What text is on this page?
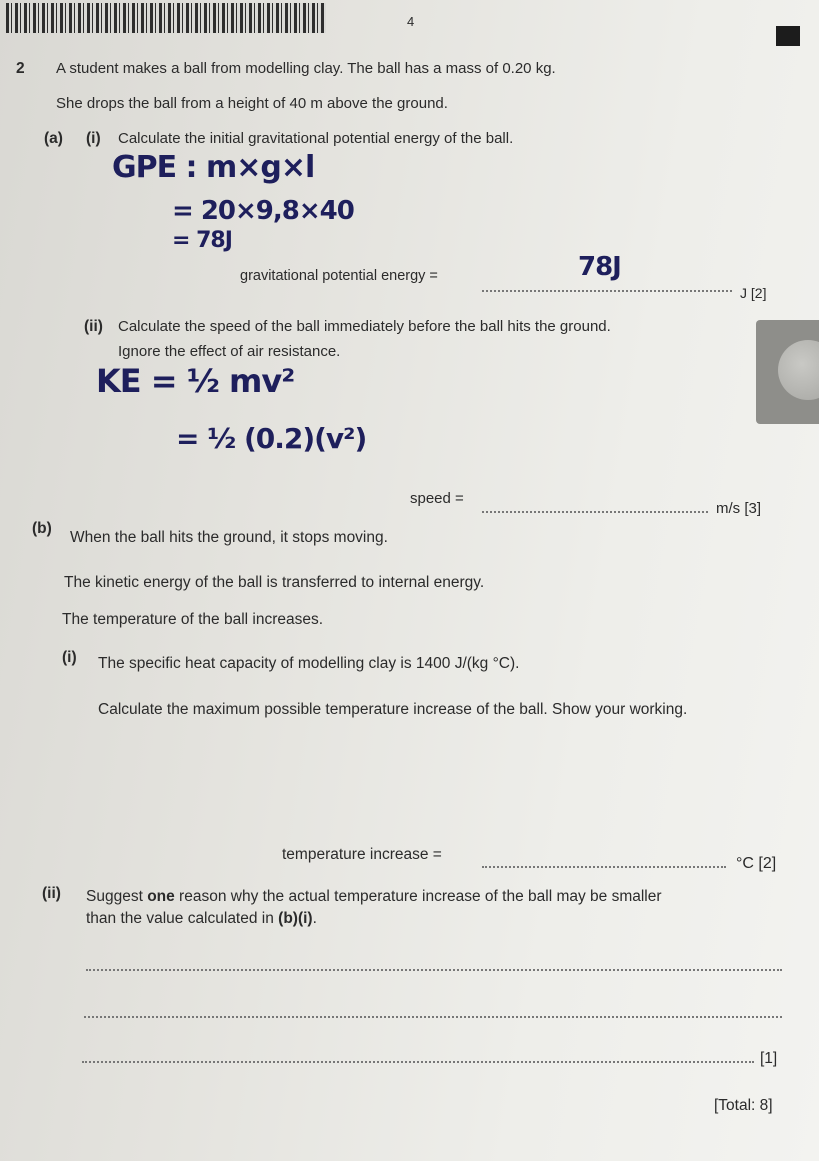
4
2 A student makes a ball from modelling clay. The ball has a mass of 0.20 kg.
She drops the ball from a height of 40 m above the ground.
(a) (i) Calculate the initial gravitational potential energy of the ball.
GPE : m×g×l
= 20×9,8×40
= 78J
gravitational potential energy =	78J
J [2]
(ii) Calculate the speed of the ball immediately before the ball hits the ground.
Ignore the effect of air resistance.
KE = ½ mv²
= ½ (0.2)(v²)
speed =
m/s [3]
(b)
When the ball hits the ground, it stops moving.
The kinetic energy of the ball is transferred to internal energy.
The temperature of the ball increases.
(i) The specific heat capacity of modelling clay is 1400 J/(kg °C).
Calculate the maximum possible temperature increase of the ball. Show your working.
temperature increase =
°C [2]
(ii) Suggest one reason why the actual temperature increase of the ball may be smaller
than the value calculated in (b)(i).
[1]
[Total: 8]
